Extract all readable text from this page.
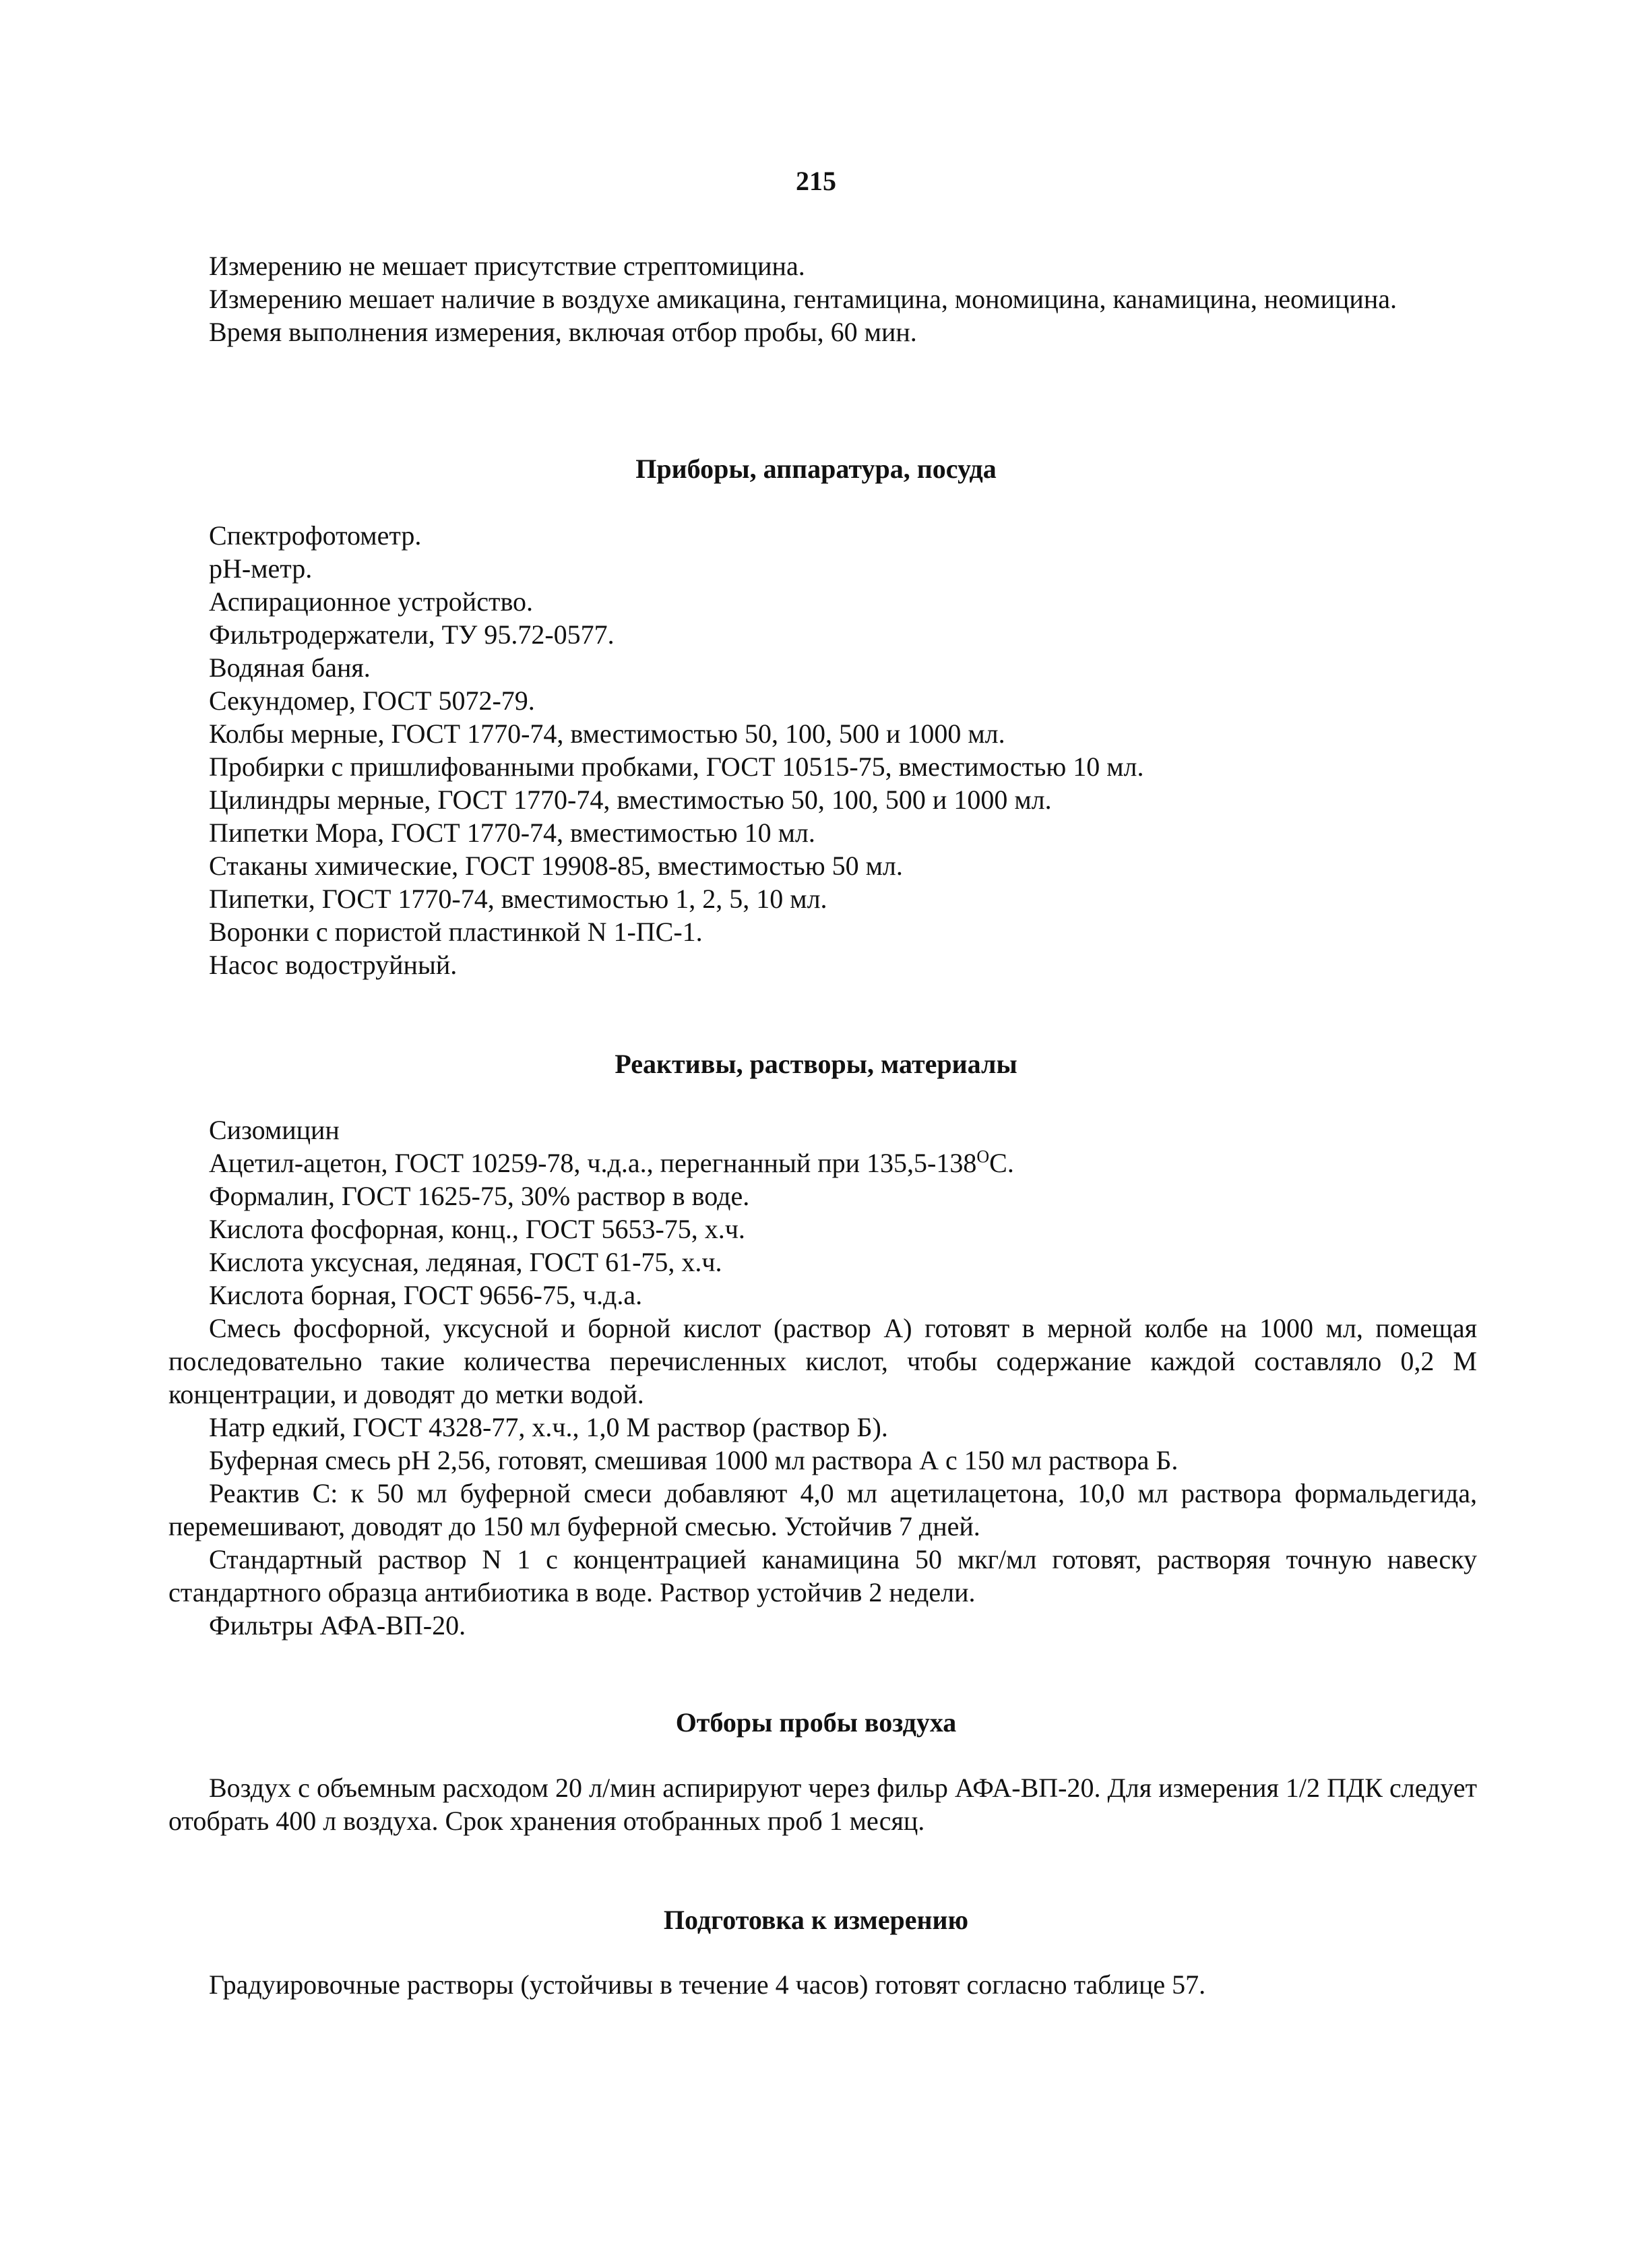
215

Измерению не мешает присутствие стрептомицина.

Измерению мешает наличие в воздухе амикацина, гентамицина, мономицина, канамицина, неомицина.

Время выполнения измерения, включая отбор пробы, 60 мин.

Приборы, аппаратура, посуда
Спектрофотометр.
pH-метр.
Аспирационное устройство.
Фильтродержатели, ТУ 95.72-0577.
Водяная баня.
Секундомер, ГОСТ 5072-79.
Колбы мерные, ГОСТ 1770-74, вместимостью 50, 100, 500 и 1000 мл.
Пробирки с пришлифованными пробками, ГОСТ 10515-75, вместимостью 10 мл.
Цилиндры мерные, ГОСТ 1770-74, вместимостью 50, 100, 500 и 1000 мл.
Пипетки Мора, ГОСТ 1770-74, вместимостью 10 мл.
Стаканы химические, ГОСТ 19908-85, вместимостью 50 мл.
Пипетки, ГОСТ 1770-74, вместимостью 1, 2, 5, 10 мл.
Воронки с пористой пластинкой N 1-ПС-1.
Насос водоструйный.
Реактивы, растворы, материалы
Сизомицин
Ацетил-ацетон, ГОСТ 10259-78, ч.д.а., перегнанный при $135,5-138^OC$.
Формалин, ГОСТ 1625-75, 30% раствор в воде.
Кислота фосфорная, конц., ГОСТ 5653-75, х.ч.
Кислота уксусная, ледяная, ГОСТ 61-75, х.ч.
Кислота борная, ГОСТ 9656-75, ч.д.а.

Смесь фосфорной, уксусной и борной кислот (раствор А) готовят в мерной колбе на 1000 мл, помещая последовательно такие количества перечисленных кислот, чтобы содержание каждой составляло 0,2 М концентрации, и доводят до метки водой.

Натр едкий, ГОСТ 4328-77, х.ч., 1,0 М раствор (раствор Б).

Буферная смесь pH 2,56, готовят, смешивая 1000 мл раствора А с 150 мл раствора Б.

Реактив С: к 50 мл буферной смеси добавляют 4,0 мл ацетилацетона, 10,0 мл раствора формальдегида, перемешивают, доводят до 150 мл буферной смесью. Устойчив 7 дней.

Стандартный раствор N 1 с концентрацией канамицина 50 мкг/мл готовят, растворяя точную навеску стандартного образца антибиотика в воде. Раствор устойчив 2 недели.

Фильтры АФА-ВП-20.

Отборы пробы воздуха

Воздух с объемным расходом 20 л/мин аспирируют через фильр АФА-ВП-20. Для измерения 1/2 ПДК следует отобрать 400 л воздуха. Срок хранения отобранных проб 1 месяц.

Подготовка к измерению

Градуировочные растворы (устойчивы в течение 4 часов) готовят согласно таблице 57.
